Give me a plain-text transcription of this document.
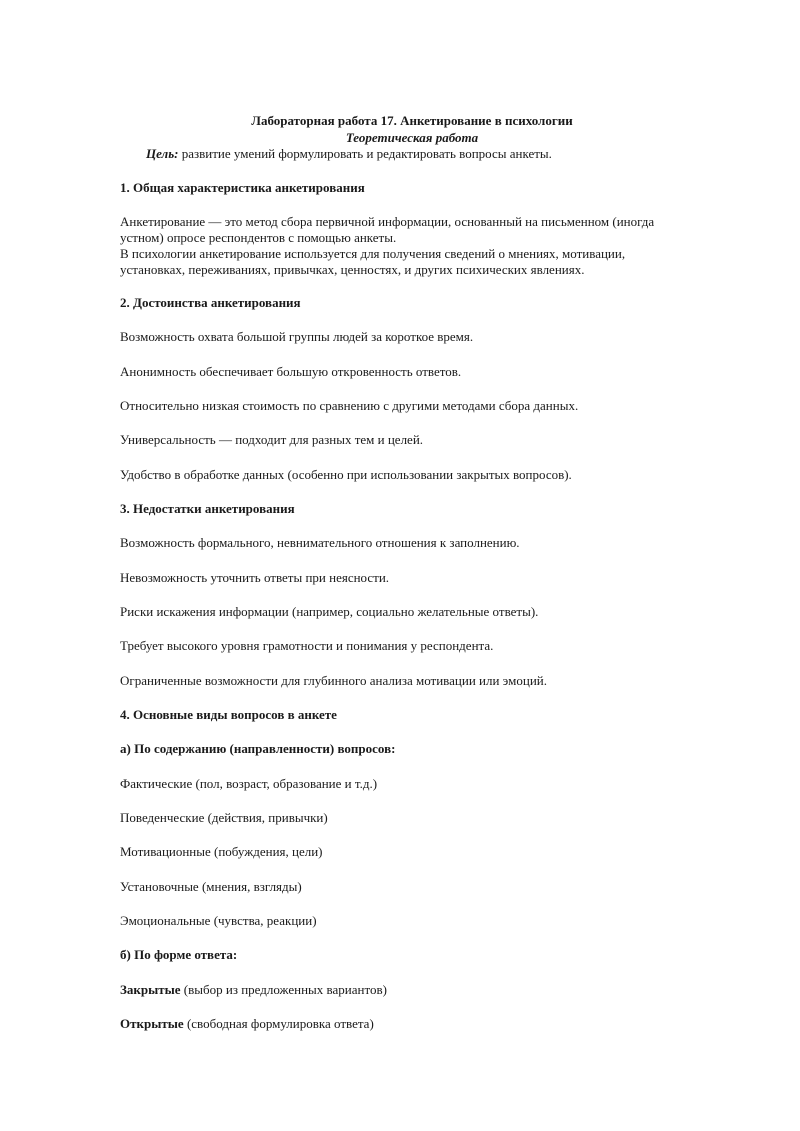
Лабораторная работа 17. Анкетирование в психологии

Теоретическая работа

Цель: развитие умений формулировать и редактировать вопросы анкеты.

1. Общая характеристика анкетирования

Анкетирование — это метод сбора первичной информации, основанный на письменном (иногда

устном) опросе респондентов с помощью анкеты.

В психологии анкетирование используется для получения сведений о мнениях, мотивации,

установках, переживаниях, привычках, ценностях, и других психических явлениях.

2. Достоинства анкетирования

Возможность охвата большой группы людей за короткое время.

Анонимность обеспечивает большую откровенность ответов.

Относительно низкая стоимость по сравнению с другими методами сбора данных.

Универсальность — подходит для разных тем и целей.

Удобство в обработке данных (особенно при использовании закрытых вопросов).

3. Недостатки анкетирования

Возможность формального, невнимательного отношения к заполнению.

Невозможность уточнить ответы при неясности.

Риски искажения информации (например, социально желательные ответы).

Требует высокого уровня грамотности и понимания у респондента.

Ограниченные возможности для глубинного анализа мотивации или эмоций.

4. Основные виды вопросов в анкете

а) По содержанию (направленности) вопросов:

Фактические (пол, возраст, образование и т.д.)

Поведенческие (действия, привычки)

Мотивационные (побуждения, цели)

Установочные (мнения, взгляды)

Эмоциональные (чувства, реакции)

б) По форме ответа:

Закрытые (выбор из предложенных вариантов)

Открытые (свободная формулировка ответа)
